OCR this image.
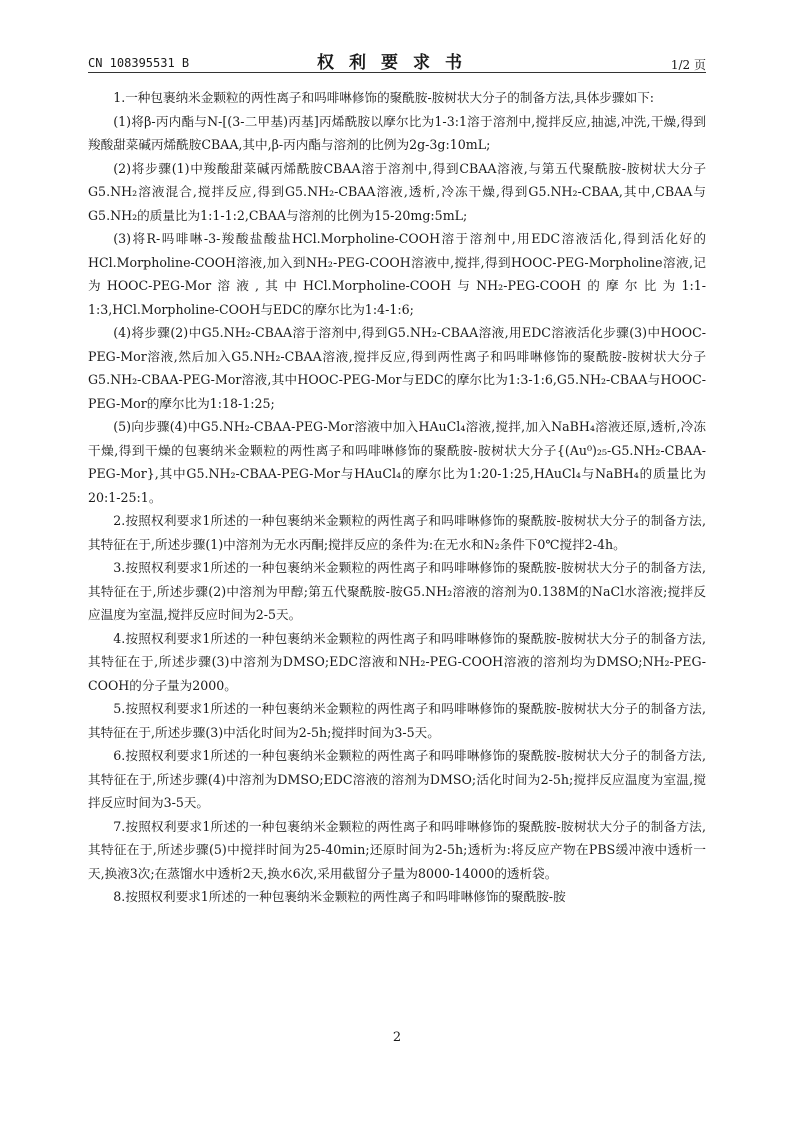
CN 108395531 B	权利要求书	1/2 页

1.一种包裹纳米金颗粒的两性离子和吗啡啉修饰的聚酰胺-胺树状大分子的制备方法,具体步骤如下:

(1)将β-丙内酯与N-[(3-二甲基)丙基]丙烯酰胺以摩尔比为1-3:1溶于溶剂中,搅拌反应,抽滤,冲洗,干燥,得到羧酸甜菜碱丙烯酰胺CBAA,其中,β-丙内酯与溶剂的比例为2g-3g:10mL;

(2)将步骤(1)中羧酸甜菜碱丙烯酰胺CBAA溶于溶剂中,得到CBAA溶液,与第五代聚酰胺-胺树状大分子G5.NH₂溶液混合,搅拌反应,得到G5.NH₂-CBAA溶液,透析,冷冻干燥,得到G5.NH₂-CBAA,其中,CBAA与G5.NH₂的质量比为1:1-1:2,CBAA与溶剂的比例为15-20mg:5mL;

(3)将R-吗啡啉-3-羧酸盐酸盐HCl.Morpholine-COOH溶于溶剂中,用EDC溶液活化,得到活化好的HCl.Morpholine-COOH溶液,加入到NH₂-PEG-COOH溶液中,搅拌,得到HOOC-PEG-Morpholine溶液,记为HOOC-PEG-Mor溶液,其中HCl.Morpholine-COOH与NH₂-PEG-COOH的摩尔比为1:1-1:3,HCl.Morpholine-COOH与EDC的摩尔比为1:4-1:6;

(4)将步骤(2)中G5.NH₂-CBAA溶于溶剂中,得到G5.NH₂-CBAA溶液,用EDC溶液活化步骤(3)中HOOC-PEG-Mor溶液,然后加入G5.NH₂-CBAA溶液,搅拌反应,得到两性离子和吗啡啉修饰的聚酰胺-胺树状大分子G5.NH₂-CBAA-PEG-Mor溶液,其中HOOC-PEG-Mor与EDC的摩尔比为1:3-1:6,G5.NH₂-CBAA与HOOC-PEG-Mor的摩尔比为1:18-1:25;

(5)向步骤(4)中G5.NH₂-CBAA-PEG-Mor溶液中加入HAuCl₄溶液,搅拌,加入NaBH₄溶液还原,透析,冷冻干燥,得到干燥的包裹纳米金颗粒的两性离子和吗啡啉修饰的聚酰胺-胺树状大分子{(Au⁰)₂₅-G5.NH₂-CBAA-PEG-Mor},其中G5.NH₂-CBAA-PEG-Mor与HAuCl₄的摩尔比为1:20-1:25,HAuCl₄与NaBH₄的质量比为20:1-25:1。

2.按照权利要求1所述的一种包裹纳米金颗粒的两性离子和吗啡啉修饰的聚酰胺-胺树状大分子的制备方法,其特征在于,所述步骤(1)中溶剂为无水丙酮;搅拌反应的条件为:在无水和N₂条件下0℃搅拌2-4h。

3.按照权利要求1所述的一种包裹纳米金颗粒的两性离子和吗啡啉修饰的聚酰胺-胺树状大分子的制备方法,其特征在于,所述步骤(2)中溶剂为甲醇;第五代聚酰胺-胺G5.NH₂溶液的溶剂为0.138M的NaCl水溶液;搅拌反应温度为室温,搅拌反应时间为2-5天。

4.按照权利要求1所述的一种包裹纳米金颗粒的两性离子和吗啡啉修饰的聚酰胺-胺树状大分子的制备方法,其特征在于,所述步骤(3)中溶剂为DMSO;EDC溶液和NH₂-PEG-COOH溶液的溶剂均为DMSO;NH₂-PEG-COOH的分子量为2000。

5.按照权利要求1所述的一种包裹纳米金颗粒的两性离子和吗啡啉修饰的聚酰胺-胺树状大分子的制备方法,其特征在于,所述步骤(3)中活化时间为2-5h;搅拌时间为3-5天。

6.按照权利要求1所述的一种包裹纳米金颗粒的两性离子和吗啡啉修饰的聚酰胺-胺树状大分子的制备方法,其特征在于,所述步骤(4)中溶剂为DMSO;EDC溶液的溶剂为DMSO;活化时间为2-5h;搅拌反应温度为室温,搅拌反应时间为3-5天。

7.按照权利要求1所述的一种包裹纳米金颗粒的两性离子和吗啡啉修饰的聚酰胺-胺树状大分子的制备方法,其特征在于,所述步骤(5)中搅拌时间为25-40min;还原时间为2-5h;透析为:将反应产物在PBS缓冲液中透析一天,换液3次;在蒸馏水中透析2天,换水6次,采用截留分子量为8000-14000的透析袋。

8.按照权利要求1所述的一种包裹纳米金颗粒的两性离子和吗啡啉修饰的聚酰胺-胺

2
